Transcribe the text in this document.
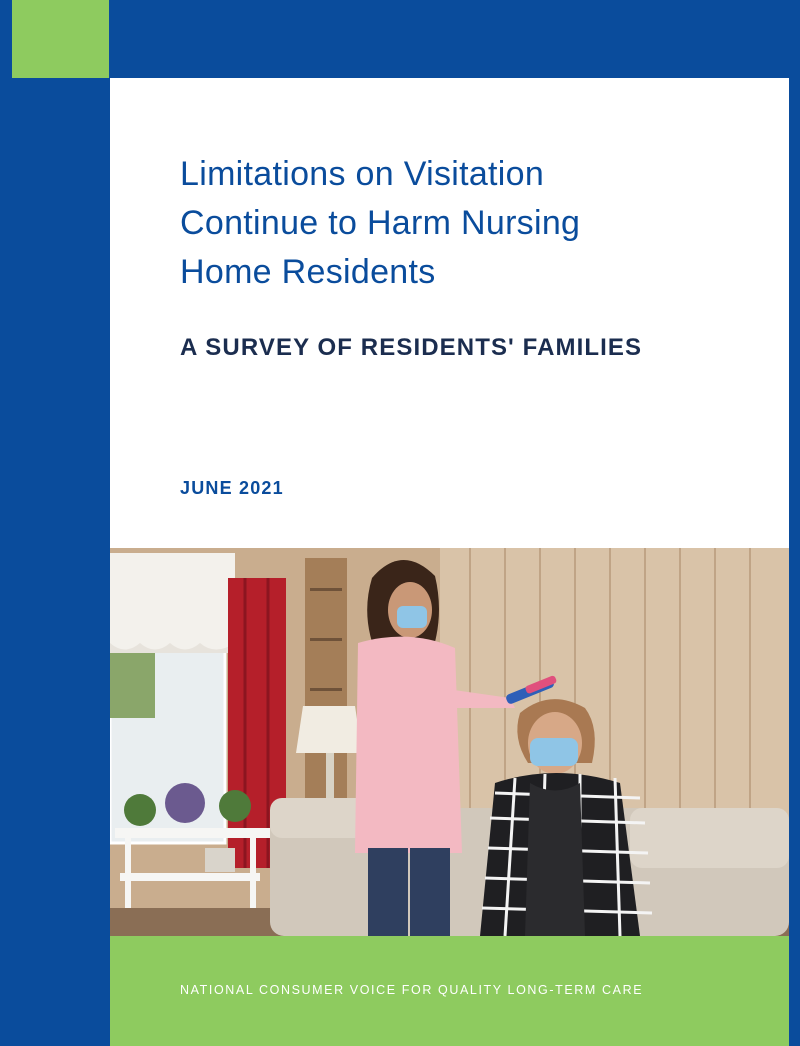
Limitations on Visitation
Continue to Harm Nursing
Home Residents
A SURVEY OF RESIDENTS' FAMILIES
JUNE 2021
NATIONAL CONSUMER VOICE FOR QUALITY LONG-TERM CARE
